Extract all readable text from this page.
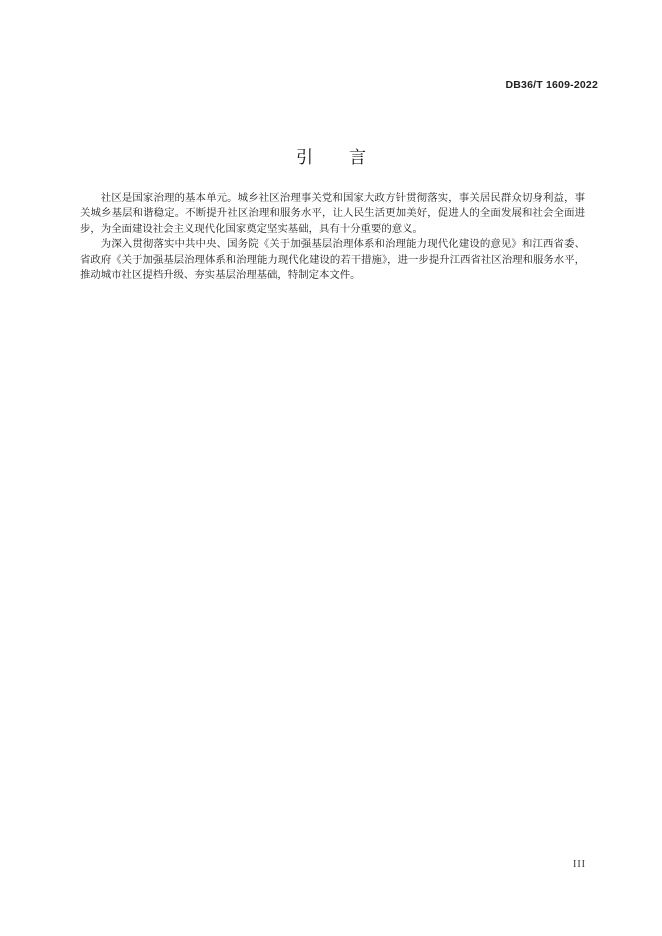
DB36/T 1609-2022
引 言

社区是国家治理的基本单元。城乡社区治理事关党和国家大政方针贯彻落实，事关居民群众切身利益，事关城乡基层和谐稳定。不断提升社区治理和服务水平，让人民生活更加美好，促进人的全面发展和社会全面进步，为全面建设社会主义现代化国家奠定坚实基础，具有十分重要的意义。

为深入贯彻落实中共中央、国务院《关于加强基层治理体系和治理能力现代化建设的意见》和江西省委、省政府《关于加强基层治理体系和治理能力现代化建设的若干措施》，进一步提升江西省社区治理和服务水平，推动城市社区提档升级、夯实基层治理基础，特制定本文件。

III
